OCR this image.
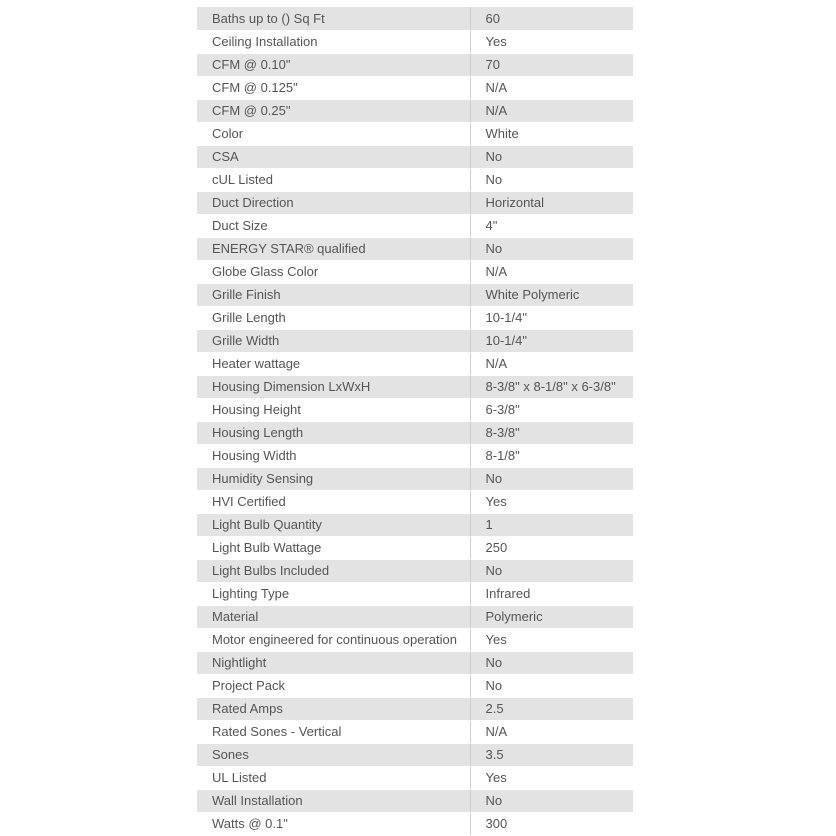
Baths up to () Sq Ft	60
Ceiling Installation	Yes
CFM @ 0.10"	70
CFM @ 0.125"	N/A
CFM @ 0.25"	N/A
Color	White
CSA	No
cUL Listed	No
Duct Direction	Horizontal
Duct Size	4"
ENERGY STAR® qualified	No
Globe Glass Color	N/A
Grille Finish	White Polymeric
Grille Length	10-1/4"
Grille Width	10-1/4"
Heater wattage	N/A
Housing Dimension LxWxH	8-3/8" x 8-1/8" x 6-3/8"
Housing Height	6-3/8"
Housing Length	8-3/8"
Housing Width	8-1/8"
Humidity Sensing	No
HVI Certified	Yes
Light Bulb Quantity	1
Light Bulb Wattage	250
Light Bulbs Included	No
Lighting Type	Infrared
Material	Polymeric
Motor engineered for continuous operation	Yes
Nightlight	No
Project Pack	No
Rated Amps	2.5
Rated Sones - Vertical	N/A
Sones	3.5
UL Listed	Yes
Wall Installation	No
Watts @ 0.1"	300
